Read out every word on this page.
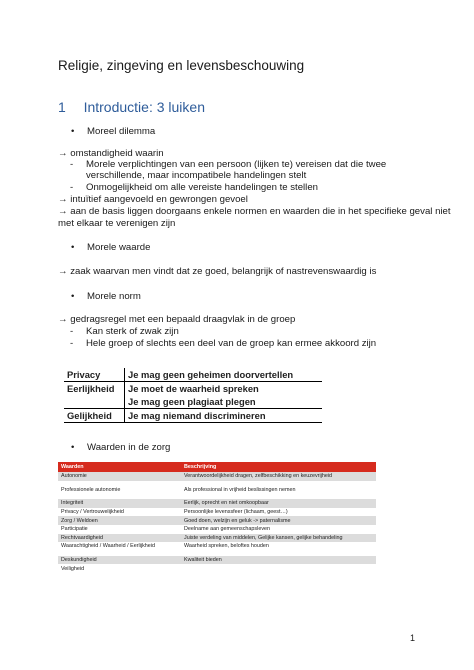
Religie, zingeving en levensbeschouwing
1 Introductie: 3 luiken
• Moreel dilemma
→ omstandigheid waarin
- Morele verplichtingen van een persoon (lijken te) vereisen dat die twee
verschillende, maar incompatibele handelingen stelt
- Onmogelijkheid om alle vereiste handelingen te stellen
→ intuïtief aangevoeld en gewrongen gevoel
→ aan de basis liggen doorgaans enkele normen en waarden die in het specifieke geval niet
met elkaar te verenigen zijn
• Morele waarde
→ zaak waarvan men vindt dat ze goed, belangrijk of nastrevenswaardig is
• Morele norm
→ gedragsregel met een bepaald draagvlak in de groep
- Kan sterk of zwak zijn
- Hele groep of slechts een deel van de groep kan ermee akkoord zijn
Privacy	Je mag geen geheimen doorvertellen
Eerlijkheid	Je moet de waarheid spreken
	Je mag geen plagiaat plegen
Gelijkheid	Je mag niemand discrimineren
• Waarden in de zorg
Waarden	Beschrijving
Autonomie	Verantwoordelijkheid dragen, zelfbeschikking en keuzevrijheid

Professionele autonomie	Als professional in vrijheid beslissingen nemen

Integriteit	Eerlijk, oprecht en niet omkoopbaar
Privacy / Vertrouwelijkheid	Persoonlijke levenssfeer (lichaam, geest…)
Zorg / Weldoen	Goed doen, welzijn en geluk -> paternalisme
Participatie	Deelname aan gemeenschapsleven
Rechtvaardigheid	Juiste verdeling van middelen, Gelijke kansen, gelijke behandeling
Waarachtigheid / Waarheid / Eerlijkheid	Waarheid spreken, beloftes houden

Deskundigheid	Kwaliteit bieden
Veiligheid	
1
